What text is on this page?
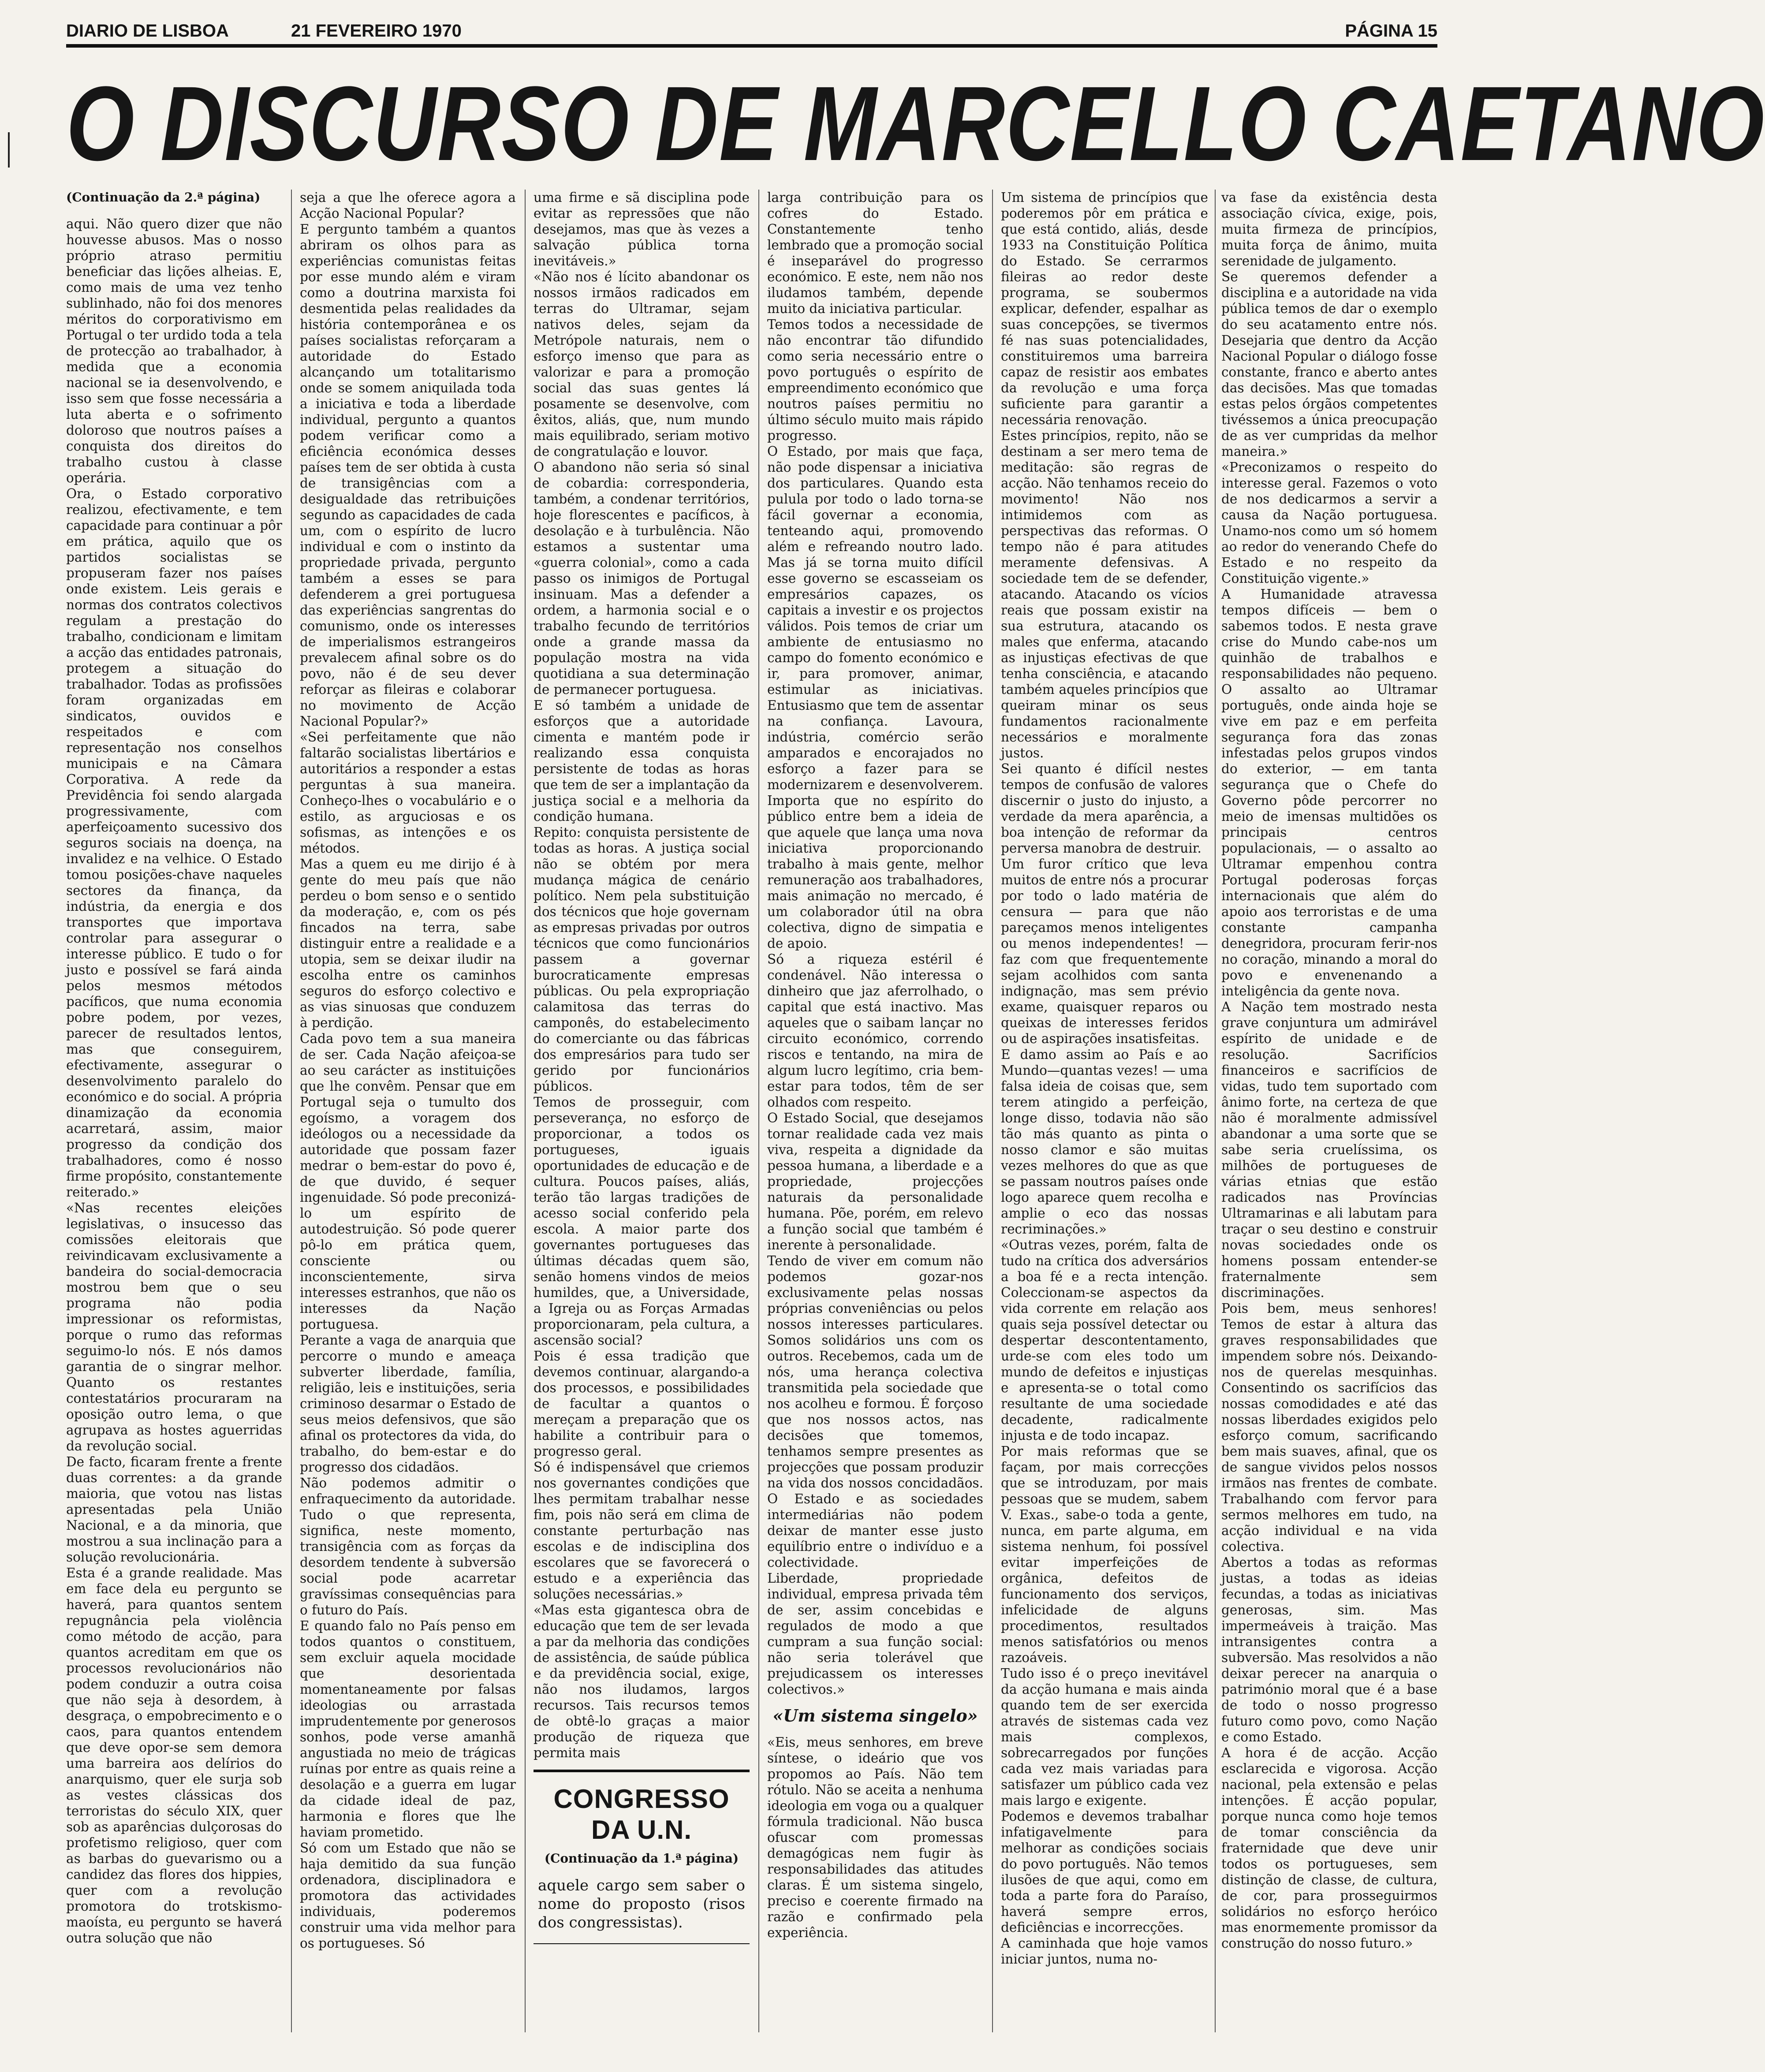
DIARIO DE LISBOA	21 FEVEREIRO 1970	PÁGINA 15
O DISCURSO DE MARCELLO CAETANO
(Continuação da 2.ª página)

aqui. Não quero dizer que não houvesse abusos. Mas o nosso próprio atraso permitiu beneficiar das lições alheias. E, como mais de uma vez tenho sublinhado, não foi dos menores méritos do corporativismo em Portugal o ter urdido toda a tela de protecção ao trabalhador, à medida que a economia nacional se ia desenvolvendo, e isso sem que fosse necessária a luta aberta e o sofrimento doloroso que noutros países a conquista dos direitos do trabalho custou à classe operária.

Ora, o Estado corporativo realizou, efectivamente, e tem capacidade para continuar a pôr em prática, aquilo que os partidos socialistas se propuseram fazer nos países onde existem. Leis gerais e normas dos contratos colectivos regulam a prestação do trabalho, condicionam e limitam a acção das entidades patronais, protegem a situação do trabalhador. Todas as profissões foram organizadas em sindicatos, ouvidos e respeitados e com representação nos conselhos municipais e na Câmara Corporativa. A rede da Previdência foi sendo alargada progressivamente, com aperfeiçoamento sucessivo dos seguros sociais na doença, na invalidez e na velhice. O Estado tomou posições-chave naqueles sectores da finança, da indústria, da energia e dos transportes que importava controlar para assegurar o interesse público. E tudo o for justo e possível se fará ainda pelos mesmos métodos pacíficos, que numa economia pobre podem, por vezes, parecer de resultados lentos, mas que conseguirem, efectivamente, assegurar o desenvolvimento paralelo do económico e do social. A própria dinamização da economia acarretará, assim, maior progresso da condição dos trabalhadores, como é nosso firme propósito, constantemente reiterado.»

«Nas recentes eleições legislativas, o insucesso das comissões eleitorais que reivindicavam exclusivamente a bandeira do social-democracia mostrou bem que o seu programa não podia impressionar os reformistas, porque o rumo das reformas seguimo-lo nós. E nós damos garantia de o singrar melhor. Quanto os restantes contestatários procuraram na oposição outro lema, o que agrupava as hostes aguerridas da revolução social.

De facto, ficaram frente a frente duas correntes: a da grande maioria, que votou nas listas apresentadas pela União Nacional, e a da minoria, que mostrou a sua inclinação para a solução revolucionária.

Esta é a grande realidade. Mas em face dela eu pergunto se haverá, para quantos sentem repugnância pela violência como método de acção, para quantos acreditam em que os processos revolucionários não podem conduzir a outra coisa que não seja à desordem, à desgraça, o empobrecimento e o caos, para quantos entendem que deve opor-se sem demora uma barreira aos delírios do anarquismo, quer ele surja sob as vestes clássicas dos terroristas do século XIX, quer sob as aparências dulçorosas do profetismo religioso, quer com as barbas do guevarismo ou a candidez das flores dos hippies, quer com a revolução promotora do trotskismo-maoísta, eu pergunto se haverá outra solução que não

seja a que lhe oferece agora a Acção Nacional Popular?

E pergunto também a quantos abriram os olhos para as experiências comunistas feitas por esse mundo além e viram como a doutrina marxista foi desmentida pelas realidades da história contemporânea e os países socialistas reforçaram a autoridade do Estado alcançando um totalitarismo onde se somem aniquilada toda a iniciativa e toda a liberdade individual, pergunto a quantos podem verificar como a eficiência económica desses países tem de ser obtida à custa de transigências com a desigualdade das retribuições segundo as capacidades de cada um, com o espírito de lucro individual e com o instinto da propriedade privada, pergunto também a esses se para defenderem a grei portuguesa das experiências sangrentas do comunismo, onde os interesses de imperialismos estrangeiros prevalecem afinal sobre os do povo, não é de seu dever reforçar as fileiras e colaborar no movimento de Acção Nacional Popular?»

«Sei perfeitamente que não faltarão socialistas libertários e autoritários a responder a estas perguntas à sua maneira. Conheço-lhes o vocabulário e o estilo, as arguciosas e os sofismas, as intenções e os métodos.

Mas a quem eu me dirijo é à gente do meu país que não perdeu o bom senso e o sentido da moderação, e, com os pés fincados na terra, sabe distinguir entre a realidade e a utopia, sem se deixar iludir na escolha entre os caminhos seguros do esforço colectivo e as vias sinuosas que conduzem à perdição.

Cada povo tem a sua maneira de ser. Cada Nação afeiçoa-se ao seu carácter as instituições que lhe convêm. Pensar que em Portugal seja o tumulto dos egoísmo, a voragem dos ideólogos ou a necessidade da autoridade que possam fazer medrar o bem-estar do povo é, de que duvido, é sequer ingenuidade. Só pode preconizá-lo um espírito de autodestruição. Só pode querer pô-lo em prática quem, consciente ou inconscientemente, sirva interesses estranhos, que não os interesses da Nação portuguesa.

Perante a vaga de anarquia que percorre o mundo e ameaça subverter liberdade, família, religião, leis e instituições, seria criminoso desarmar o Estado de seus meios defensivos, que são afinal os protectores da vida, do trabalho, do bem-estar e do progresso dos cidadãos.

Não podemos admitir o enfraquecimento da autoridade. Tudo o que representa, significa, neste momento, transigência com as forças da desordem tendente à subversão social pode acarretar gravíssimas consequências para o futuro do País.

E quando falo no País penso em todos quantos o constituem, sem excluir aquela mocidade que desorientada momentaneamente por falsas ideologias ou arrastada imprudentemente por generosos sonhos, pode verse amanhã angustiada no meio de trágicas ruínas por entre as quais reine a desolação e a guerra em lugar da cidade ideal de paz, harmonia e flores que lhe haviam prometido.

Só com um Estado que não se haja demitido da sua função ordenadora, disciplinadora e promotora das actividades individuais, poderemos construir uma vida melhor para os portugueses. Só

uma firme e sã disciplina pode evitar as repressões que não desejamos, mas que às vezes a salvação pública torna inevitáveis.»

«Não nos é lícito abandonar os nossos irmãos radicados em terras do Ultramar, sejam nativos deles, sejam da Metrópole naturais, nem o esforço imenso que para as valorizar e para a promoção social das suas gentes lá posamente se desenvolve, com êxitos, aliás, que, num mundo mais equilibrado, seriam motivo de congratulação e louvor.

O abandono não seria só sinal de cobardia: corresponderia, também, a condenar territórios, hoje florescentes e pacíficos, à desolação e à turbulência. Não estamos a sustentar uma «guerra colonial», como a cada passo os inimigos de Portugal insinuam. Mas a defender a ordem, a harmonia social e o trabalho fecundo de territórios onde a grande massa da população mostra na vida quotidiana a sua determinação de permanecer portuguesa.

E só também a unidade de esforços que a autoridade cimenta e mantém pode ir realizando essa conquista persistente de todas as horas que tem de ser a implantação da justiça social e a melhoria da condição humana.

Repito: conquista persistente de todas as horas. A justiça social não se obtém por mera mudança mágica de cenário político. Nem pela substituição dos técnicos que hoje governam as empresas privadas por outros técnicos que como funcionários passem a governar burocraticamente empresas públicas. Ou pela expropriação calamitosa das terras do camponês, do estabelecimento do comerciante ou das fábricas dos empresários para tudo ser gerido por funcionários públicos.

Temos de prosseguir, com perseverança, no esforço de proporcionar, a todos os portugueses, iguais oportunidades de educação e de cultura. Poucos países, aliás, terão tão largas tradições de acesso social conferido pela escola. A maior parte dos governantes portugueses das últimas décadas quem são, senão homens vindos de meios humildes, que, a Universidade, a Igreja ou as Forças Armadas proporcionaram, pela cultura, a ascensão social?

Pois é essa tradição que devemos continuar, alargando-a dos processos, e possibilidades de facultar a quantos o mereçam a preparação que os habilite a contribuir para o progresso geral.

Só é indispensável que criemos nos governantes condições que lhes permitam trabalhar nesse fim, pois não será em clima de constante perturbação nas escolas e de indisciplina dos escolares que se favorecerá o estudo e a experiência das soluções necessárias.»

«Mas esta gigantesca obra de educação que tem de ser levada a par da melhoria das condições de assistência, de saúde pública e da previdência social, exige, não nos iludamos, largos recursos. Tais recursos temos de obtê-lo graças a maior produção de riqueza que permita mais

CONGRESSO DA U.N.
(Continuação da 1.ª página)
aquele cargo sem saber o nome do proposto (risos dos congressistas).

larga contribuição para os cofres do Estado. Constantemente tenho lembrado que a promoção social é inseparável do progresso económico. E este, nem não nos iludamos também, depende muito da iniciativa particular.

Temos todos a necessidade de não encontrar tão difundido como seria necessário entre o povo português o espírito de empreendimento económico que noutros países permitiu no último século muito mais rápido progresso.

O Estado, por mais que faça, não pode dispensar a iniciativa dos particulares. Quando esta pulula por todo o lado torna-se fácil governar a economia, tenteando aqui, promovendo além e refreando noutro lado. Mas já se torna muito difícil esse governo se escasseiam os empresários capazes, os capitais a investir e os projectos válidos. Pois temos de criar um ambiente de entusiasmo no campo do fomento económico e ir, para promover, animar, estimular as iniciativas. Entusiasmo que tem de assentar na confiança. Lavoura, indústria, comércio serão amparados e encorajados no esforço a fazer para se modernizarem e desenvolverem. Importa que no espírito do público entre bem a ideia de que aquele que lança uma nova iniciativa proporcionando trabalho à mais gente, melhor remuneração aos trabalhadores, mais animação no mercado, é um colaborador útil na obra colectiva, digno de simpatia e de apoio.

Só a riqueza estéril é condenável. Não interessa o dinheiro que jaz aferrolhado, o capital que está inactivo. Mas aqueles que o saibam lançar no circuito económico, correndo riscos e tentando, na mira de algum lucro legítimo, cria bem-estar para todos, têm de ser olhados com respeito.

O Estado Social, que desejamos tornar realidade cada vez mais viva, respeita a dignidade da pessoa humana, a liberdade e a propriedade, projecções naturais da personalidade humana. Põe, porém, em relevo a função social que também é inerente à personalidade.

Tendo de viver em comum não podemos gozar-nos exclusivamente pelas nossas próprias conveniências ou pelos nossos interesses particulares. Somos solidários uns com os outros. Recebemos, cada um de nós, uma herança colectiva transmitida pela sociedade que nos acolheu e formou. É forçoso que nos nossos actos, nas decisões que tomemos, tenhamos sempre presentes as projecções que possam produzir na vida dos nossos concidadãos. O Estado e as sociedades intermediárias não podem deixar de manter esse justo equilíbrio entre o indivíduo e a colectividade.

Liberdade, propriedade individual, empresa privada têm de ser, assim concebidas e regulados de modo a que cumpram a sua função social: não seria tolerável que prejudicassem os interesses colectivos.»

«Um sistema singelo»

«Eis, meus senhores, em breve síntese, o ideário que vos propomos ao País. Não tem rótulo. Não se aceita a nenhuma ideologia em voga ou a qualquer fórmula tradicional. Não busca ofuscar com promessas demagógicas nem fugir às responsabilidades das atitudes claras. É um sistema singelo, preciso e coerente firmado na razão e confirmado pela experiência.

Um sistema de princípios que poderemos pôr em prática e que está contido, aliás, desde 1933 na Constituição Política do Estado. Se cerrarmos fileiras ao redor deste programa, se soubermos explicar, defender, espalhar as suas concepções, se tivermos fé nas suas potencialidades, constituiremos uma barreira capaz de resistir aos embates da revolução e uma força suficiente para garantir a necessária renovação.

Estes princípios, repito, não se destinam a ser mero tema de meditação: são regras de acção. Não tenhamos receio do movimento! Não nos intimidemos com as perspectivas das reformas. O tempo não é para atitudes meramente defensivas. A sociedade tem de se defender, atacando. Atacando os vícios reais que possam existir na sua estrutura, atacando os males que enferma, atacando as injustiças efectivas de que tenha consciência, e atacando também aqueles princípios que queiram minar os seus fundamentos racionalmente necessários e moralmente justos.

Sei quanto é difícil nestes tempos de confusão de valores discernir o justo do injusto, a verdade da mera aparência, a boa intenção de reformar da perversa manobra de destruir.

Um furor crítico que leva muitos de entre nós a procurar por todo o lado matéria de censura — para que não pareçamos menos inteligentes ou menos independentes! — faz com que frequentemente sejam acolhidos com santa indignação, mas sem prévio exame, quaisquer reparos ou queixas de interesses feridos ou de aspirações insatisfeitas.

E damo assim ao País e ao Mundo—quantas vezes! — uma falsa ideia de coisas que, sem terem atingido a perfeição, longe disso, todavia não são tão más quanto as pinta o nosso clamor e são muitas vezes melhores do que as que se passam noutros países onde logo aparece quem recolha e amplie o eco das nossas recriminações.»

«Outras vezes, porém, falta de tudo na crítica dos adversários a boa fé e a recta intenção. Coleccionam-se aspectos da vida corrente em relação aos quais seja possível detectar ou despertar descontentamento, urde-se com eles todo um mundo de defeitos e injustiças e apresenta-se o total como resultante de uma sociedade decadente, radicalmente injusta e de todo incapaz.

Por mais reformas que se façam, por mais correcções que se introduzam, por mais pessoas que se mudem, sabem V. Exas., sabe-o toda a gente, nunca, em parte alguma, em sistema nenhum, foi possível evitar imperfeições de orgânica, defeitos de funcionamento dos serviços, infelicidade de alguns procedimentos, resultados menos satisfatórios ou menos razoáveis.

Tudo isso é o preço inevitável da acção humana e mais ainda quando tem de ser exercida através de sistemas cada vez mais complexos, sobrecarregados por funções cada vez mais variadas para satisfazer um público cada vez mais largo e exigente.

Podemos e devemos trabalhar infatigavelmente para melhorar as condições sociais do povo português. Não temos ilusões de que aqui, como em toda a parte fora do Paraíso, haverá sempre erros, deficiências e incorrecções.

A caminhada que hoje vamos iniciar juntos, numa no-

va fase da existência desta associação cívica, exige, pois, muita firmeza de princípios, muita força de ânimo, muita serenidade de julgamento.

Se queremos defender a disciplina e a autoridade na vida pública temos de dar o exemplo do seu acatamento entre nós. Desejaria que dentro da Acção Nacional Popular o diálogo fosse constante, franco e aberto antes das decisões. Mas que tomadas estas pelos órgãos competentes tivéssemos a única preocupação de as ver cumpridas da melhor maneira.»

«Preconizamos o respeito do interesse geral. Fazemos o voto de nos dedicarmos a servir a causa da Nação portuguesa. Unamo-nos como um só homem ao redor do venerando Chefe do Estado e no respeito da Constituição vigente.»

A Humanidade atravessa tempos difíceis — bem o sabemos todos. E nesta grave crise do Mundo cabe-nos um quinhão de trabalhos e responsabilidades não pequeno. O assalto ao Ultramar português, onde ainda hoje se vive em paz e em perfeita segurança fora das zonas infestadas pelos grupos vindos do exterior, — em tanta segurança que o Chefe do Governo pôde percorrer no meio de imensas multidões os principais centros populacionais, — o assalto ao Ultramar empenhou contra Portugal poderosas forças internacionais que além do apoio aos terroristas e de uma constante campanha denegridora, procuram ferir-nos no coração, minando a moral do povo e envenenando a inteligência da gente nova.

A Nação tem mostrado nesta grave conjuntura um admirável espírito de unidade e de resolução. Sacrifícios financeiros e sacrifícios de vidas, tudo tem suportado com ânimo forte, na certeza de que não é moralmente admissível abandonar a uma sorte que se sabe seria cruelíssima, os milhões de portugueses de várias etnias que estão radicados nas Províncias Ultramarinas e ali labutam para traçar o seu destino e construir novas sociedades onde os homens possam entender-se fraternalmente sem discriminações.

Pois bem, meus senhores! Temos de estar à altura das graves responsabilidades que impendem sobre nós. Deixando-nos de querelas mesquinhas. Consentindo os sacrifícios das nossas comodidades e até das nossas liberdades exigidos pelo esforço comum, sacrificando bem mais suaves, afinal, que os de sangue vividos pelos nossos irmãos nas frentes de combate. Trabalhando com fervor para sermos melhores em tudo, na acção individual e na vida colectiva.

Abertos a todas as reformas justas, a todas as ideias fecundas, a todas as iniciativas generosas, sim. Mas impermeáveis à traição. Mas intransigentes contra a subversão. Mas resolvidos a não deixar perecer na anarquia o património moral que é a base de todo o nosso progresso futuro como povo, como Nação e como Estado.

A hora é de acção. Acção esclarecida e vigorosa. Acção nacional, pela extensão e pelas intenções. É acção popular, porque nunca como hoje temos de tomar consciência da fraternidade que deve unir todos os portugueses, sem distinção de classe, de cultura, de cor, para prosseguirmos solidários no esforço heróico mas enormemente promissor da construção do nosso futuro.»
